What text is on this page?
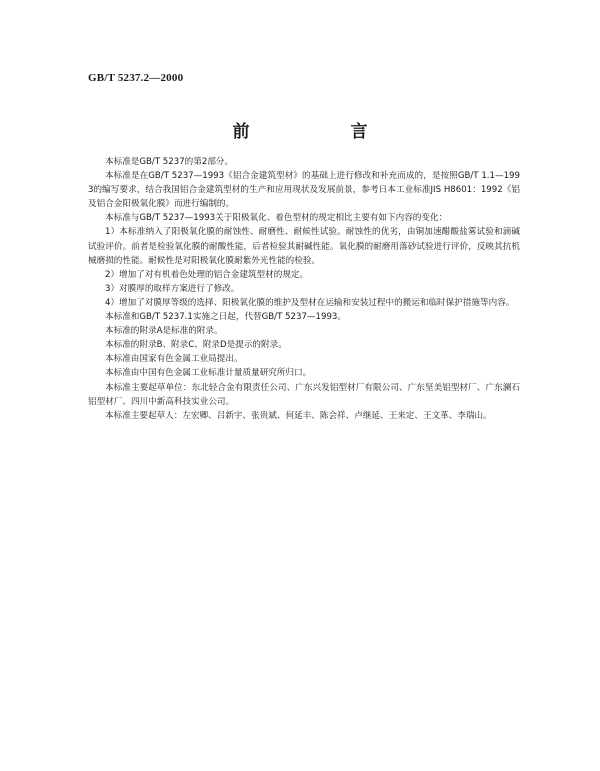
GB/T 5237.2—2000
前　言

本标准是GB/T 5237的第2部分。

本标准是在GB/T 5237—1993《铝合金建筑型材》的基础上进行修改和补充而成的，是按照GB/T 1.1—1993的编写要求，结合我国铝合金建筑型材的生产和应用现状及发展前景，参考日本工业标准JIS H8601：1992《铝及铝合金阳极氧化膜》而进行编制的。

本标准与GB/T 5237—1993关于阳极氧化、着色型材的规定相比主要有如下内容的变化：

1）本标准纳入了阳极氧化膜的耐蚀性、耐磨性、耐候性试验。耐蚀性的优劣，由铜加速醋酸盐雾试验和滴碱试验评价。前者是检验氧化膜的耐酸性能，后者检验其耐碱性能。氧化膜的耐磨用落砂试验进行评价，反映其抗机械磨损的性能。耐候性是对阳极氧化膜耐紫外光性能的检验。

2）增加了对有机着色处理的铝合金建筑型材的规定。

3）对膜厚的取样方案进行了修改。

4）增加了对膜厚等级的选择、阳极氧化膜的维护及型材在运输和安装过程中的搬运和临时保护措施等内容。

本标准和GB/T 5237.1实施之日起，代替GB/T 5237—1993。

本标准的附录A是标准的附录。

本标准的附录B、附录C、附录D是提示的附录。

本标准由国家有色金属工业局提出。

本标准由中国有色金属工业标准计量质量研究所归口。

本标准主要起草单位：东北轻合金有限责任公司、广东兴发铝型材厂有限公司、广东坚美铝型材厂、广东澜石铝型材厂、四川中新高科技实业公司。

本标准主要起草人：左宏卿、吕新宇、张贵斌、何延丰、陈会祥、卢继延、王来定、王文革、李瑞山。
